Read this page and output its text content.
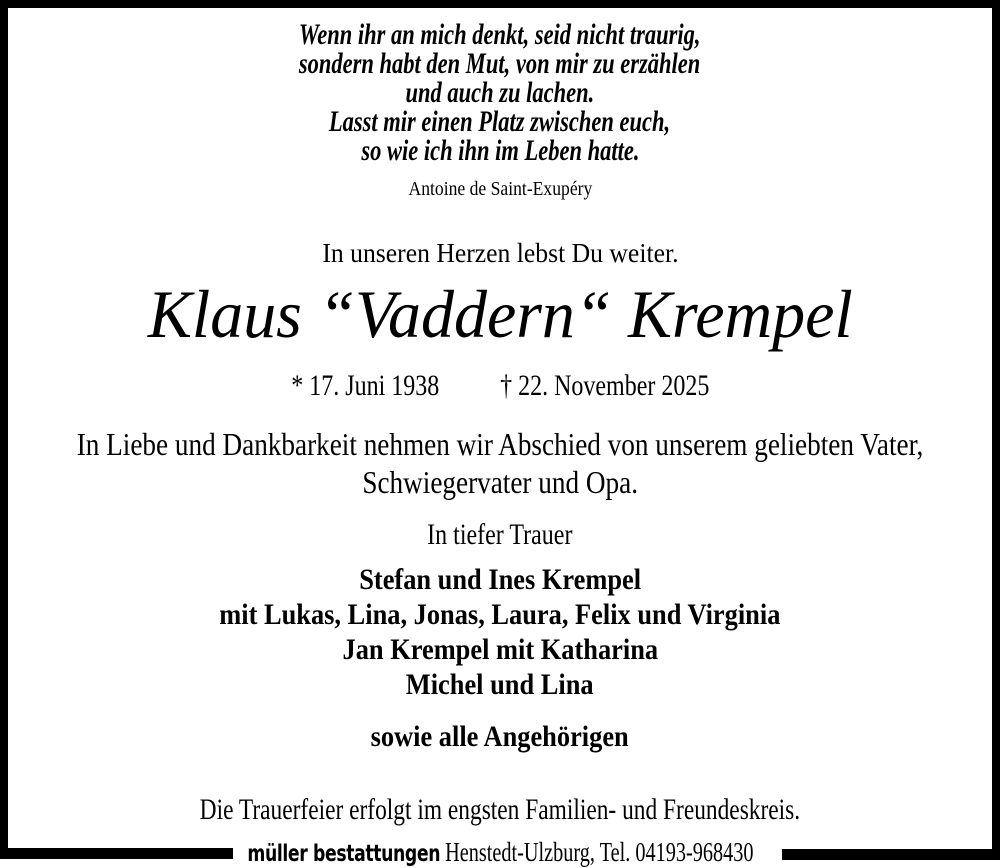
Wenn ihr an mich denkt, seid nicht traurig,
sondern habt den Mut, von mir zu erzählen
und auch zu lachen.
Lasst mir einen Platz zwischen euch,
so wie ich ihn im Leben hatte.
Antoine de Saint-Exupéry
In unseren Herzen lebst Du weiter.
Klaus “Vaddern“ Krempel
* 17. Juni 1938 † 22. November 2025
In Liebe und Dankbarkeit nehmen wir Abschied von unserem geliebten Vater,
Schwiegervater und Opa.
In tiefer Trauer
Stefan und Ines Krempel
mit Lukas, Lina, Jonas, Laura, Felix und Virginia
Jan Krempel mit Katharina
Michel und Lina
sowie alle Angehörigen
Die Trauerfeier erfolgt im engsten Familien- und Freundeskreis.
müller bestattungen Henstedt-Ulzburg, Tel. 04193-968430
